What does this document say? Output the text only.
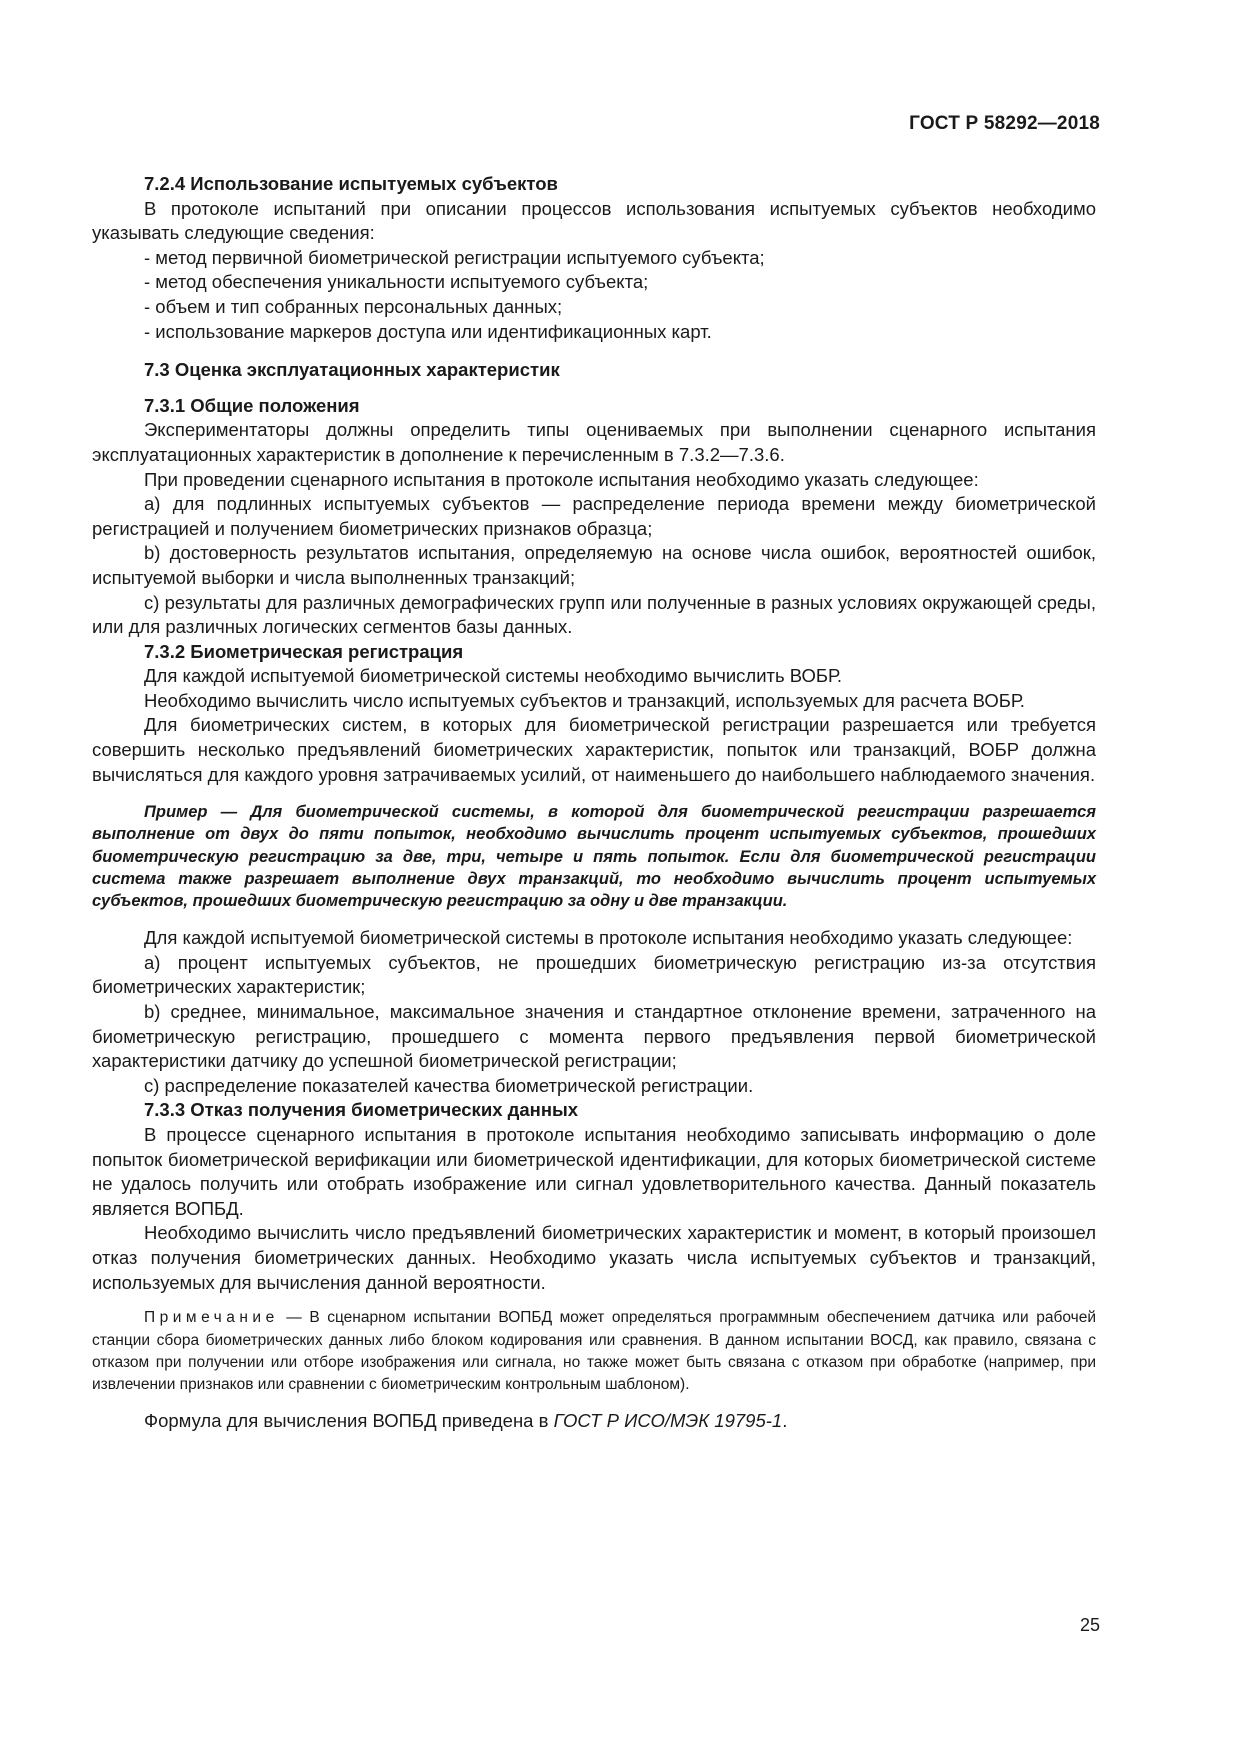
ГОСТ Р 58292—2018

7.2.4 Использование испытуемых субъектов

В протоколе испытаний при описании процессов использования испытуемых субъектов необходимо указывать следующие сведения:

- метод первичной биометрической регистрации испытуемого субъекта;

- метод обеспечения уникальности испытуемого субъекта;

- объем и тип собранных персональных данных;

- использование маркеров доступа или идентификационных карт.

7.3 Оценка эксплуатационных характеристик

7.3.1 Общие положения

Экспериментаторы должны определить типы оцениваемых при выполнении сценарного испытания эксплуатационных характеристик в дополнение к перечисленным в 7.3.2—7.3.6.

При проведении сценарного испытания в протоколе испытания необходимо указать следующее:

а) для подлинных испытуемых субъектов — распределение периода времени между биометрической регистрацией и получением биометрических признаков образца;

b) достоверность результатов испытания, определяемую на основе числа ошибок, вероятностей ошибок, испытуемой выборки и числа выполненных транзакций;

с) результаты для различных демографических групп или полученные в разных условиях окружающей среды, или для различных логических сегментов базы данных.

7.3.2 Биометрическая регистрация

Для каждой испытуемой биометрической системы необходимо вычислить ВОБР.

Необходимо вычислить число испытуемых субъектов и транзакций, используемых для расчета ВОБР.

Для биометрических систем, в которых для биометрической регистрации разрешается или требуется совершить несколько предъявлений биометрических характеристик, попыток или транзакций, ВОБР должна вычисляться для каждого уровня затрачиваемых усилий, от наименьшего до наибольшего наблюдаемого значения.

Пример — Для биометрической системы, в которой для биометрической регистрации разрешается выполнение от двух до пяти попыток, необходимо вычислить процент испытуемых субъектов, прошедших биометрическую регистрацию за две, три, четыре и пять попыток. Если для биометрической регистрации система также разрешает выполнение двух транзакций, то необходимо вычислить процент испытуемых субъектов, прошедших биометрическую регистрацию за одну и две транзакции.

Для каждой испытуемой биометрической системы в протоколе испытания необходимо указать следующее:

а) процент испытуемых субъектов, не прошедших биометрическую регистрацию из-за отсутствия биометрических характеристик;

b) среднее, минимальное, максимальное значения и стандартное отклонение времени, затраченного на биометрическую регистрацию, прошедшего с момента первого предъявления первой биометрической характеристики датчику до успешной биометрической регистрации;

с) распределение показателей качества биометрической регистрации.

7.3.3 Отказ получения биометрических данных

В процессе сценарного испытания в протоколе испытания необходимо записывать информацию о доле попыток биометрической верификации или биометрической идентификации, для которых биометрической системе не удалось получить или отобрать изображение или сигнал удовлетворительного качества. Данный показатель является ВОПБД.

Необходимо вычислить число предъявлений биометрических характеристик и момент, в который произошел отказ получения биометрических данных. Необходимо указать числа испытуемых субъектов и транзакций, используемых для вычисления данной вероятности.

Примечание — В сценарном испытании ВОПБД может определяться программным обеспечением датчика или рабочей станции сбора биометрических данных либо блоком кодирования или сравнения. В данном испытании ВОСД, как правило, связана с отказом при получении или отборе изображения или сигнала, но также может быть связана с отказом при обработке (например, при извлечении признаков или сравнении с биометрическим контрольным шаблоном).

Формула для вычисления ВОПБД приведена в ГОСТ Р ИСО/МЭК 19795-1.

25
